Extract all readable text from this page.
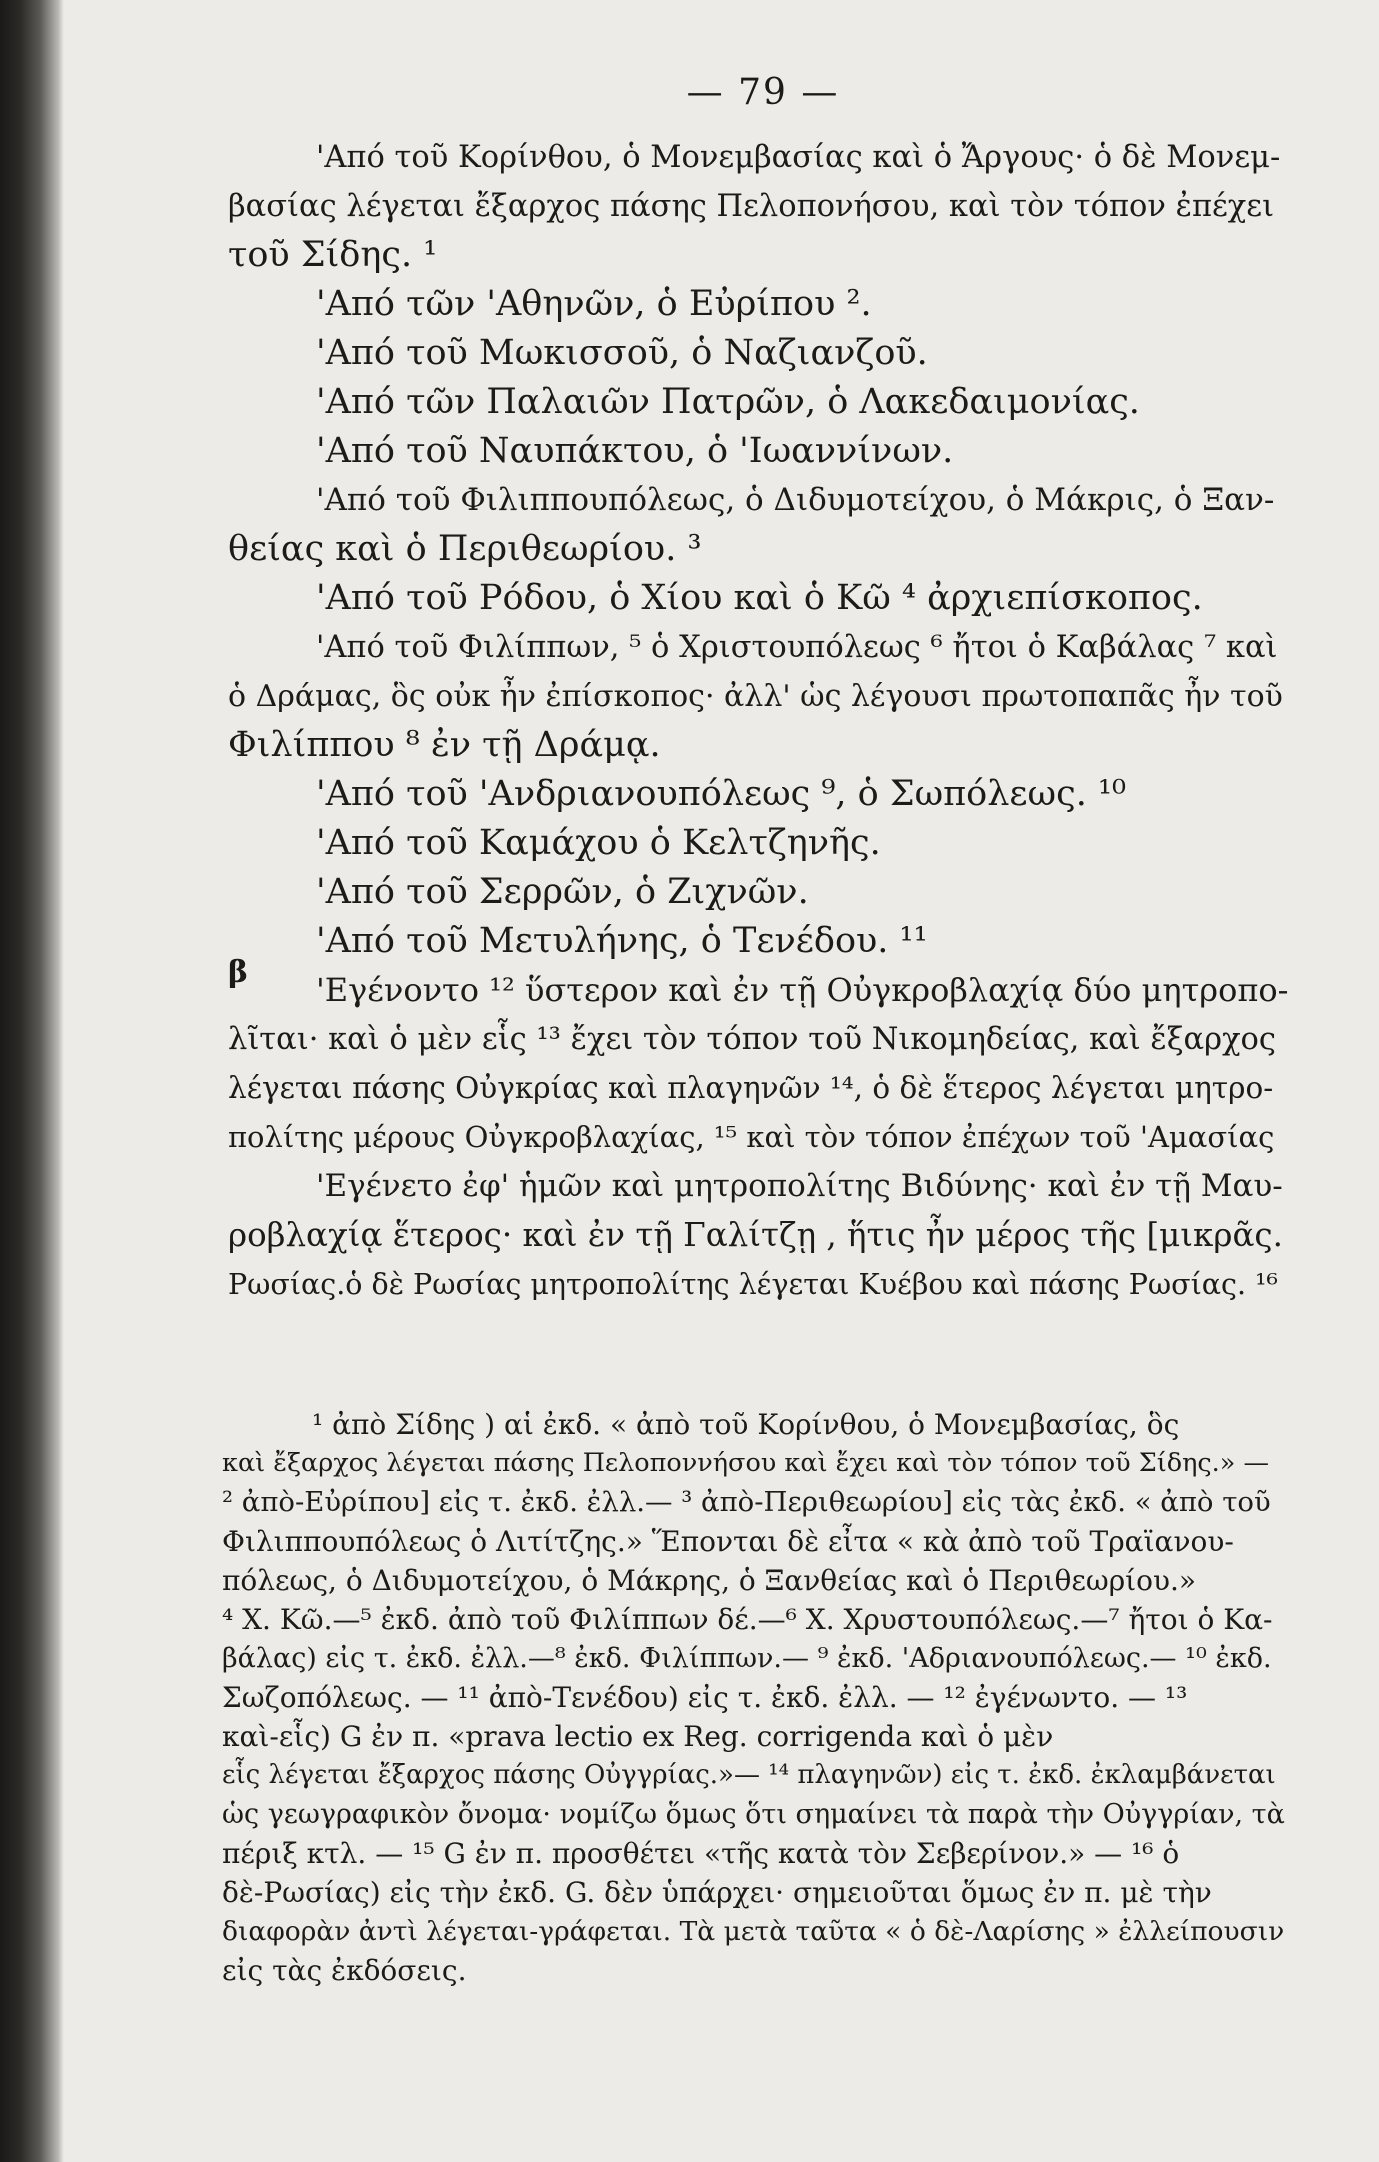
— 79 —
'Από τοῦ Κορίνθου, ὁ Μονεμβασίας καὶ ὁ Ἄργους· ὁ δὲ Μονεμ-
βασίας λέγεται ἔξαρχος πάσης Πελοπονήσου, καὶ τὸν τόπον ἐπέχει
τοῦ Σίδης. ¹
'Από τῶν 'Αθηνῶν, ὁ Εὐρίπου ².
'Από τοῦ Μωκισσοῦ, ὁ Ναζιανζοῦ.
'Από τῶν Παλαιῶν Πατρῶν, ὁ Λακεδαιμονίας.
'Από τοῦ Ναυπάκτου, ὁ 'Ιωαννίνων.
'Από τοῦ Φιλιππουπόλεως, ὁ Διδυμοτείχου, ὁ Μάκρις, ὁ Ξαν-
θείας καὶ ὁ Περιθεωρίου. ³
'Από τοῦ Ρόδου, ὁ Χίου καὶ ὁ Κῶ ⁴ ἀρχιεπίσκοπος.
'Από τοῦ Φιλίππων, ⁵ ὁ Χριστουπόλεως ⁶ ἤτοι ὁ Καβάλας ⁷ καὶ
ὁ Δράμας, ὃς οὐκ ἦν ἐπίσκοπος· ἀλλ' ὡς λέγουσι πρωτοπαπᾶς ἦν τοῦ
Φιλίππου ⁸ ἐν τῇ Δράμᾳ.
'Από τοῦ 'Ανδριανουπόλεως ⁹, ὁ Σωπόλεως. ¹⁰
'Από τοῦ Καμάχου ὁ Κελτζηνῆς.
'Από τοῦ Σερρῶν, ὁ Ζιχνῶν.
'Από τοῦ Μετυλήνης, ὁ Τενέδου. ¹¹
'Εγένοντο ¹² ὕστερον καὶ ἐν τῇ Οὐγκροβλαχίᾳ δύο μητροπο-
λῖται· καὶ ὁ μὲν εἷς ¹³ ἔχει τὸν τόπον τοῦ Νικομηδείας, καὶ ἔξαρχος
λέγεται πάσης Οὐγκρίας καὶ πλαγηνῶν ¹⁴, ὁ δὲ ἕτερος λέγεται μητρο-
πολίτης μέρους Οὐγκροβλαχίας, ¹⁵ καὶ τὸν τόπον ἐπέχων τοῦ 'Αμασίας
'Εγένετο ἐφ' ἡμῶν καὶ μητροπολίτης Βιδύνης· καὶ ἐν τῇ Μαυ-
ροβλαχίᾳ ἕτερος· καὶ ἐν τῇ Γαλίτζῃ , ἥτις ἦν μέρος τῆς [μικρᾶς.
Ρωσίας.ὁ δὲ Ρωσίας μητροπολίτης λέγεται Κυέβου καὶ πάσης Ρωσίας. ¹⁶
β
¹ ἀπὸ Σίδης ) αἱ ἐκδ. « ἀπὸ τοῦ Κορίνθου, ὁ Μονεμβασίας, ὃς
καὶ ἔξαρχος λέγεται πάσης Πελοποννήσου καὶ ἔχει καὶ τὸν τόπον τοῦ Σίδης.» —
² ἀπὸ-Εὐρίπου] εἰς τ. ἐκδ. ἐλλ.— ³ ἀπὸ-Περιθεωρίου] εἰς τὰς ἐκδ. « ἀπὸ τοῦ
Φιλιππουπόλεως ὁ Λιτίτζης.» Ἕπονται δὲ εἶτα « κὰ ἀπὸ τοῦ Τραϊανου-
πόλεως, ὁ Διδυμοτείχου, ὁ Μάκρης, ὁ Ξανθείας καὶ ὁ Περιθεωρίου.»
⁴ Χ. Κῶ.—⁵ ἐκδ. ἀπὸ τοῦ Φιλίππων δέ.—⁶ Χ. Χρυστουπόλεως.—⁷ ἤτοι ὁ Κα-
βάλας) εἰς τ. ἐκδ. ἐλλ.—⁸ ἐκδ. Φιλίππων.— ⁹ ἐκδ. 'Αδριανουπόλεως.— ¹⁰ ἐκδ.
Σωζοπόλεως. — ¹¹ ἀπὸ-Τενέδου) εἰς τ. ἐκδ. ἐλλ. — ¹² ἐγένωντο. — ¹³
καὶ-εἷς) G ἐν π. «prava lectio ex Reg. corrigenda καὶ ὁ μὲν
εἷς λέγεται ἔξαρχος πάσης Οὐγγρίας.»— ¹⁴ πλαγηνῶν) εἰς τ. ἐκδ. ἐκλαμβάνεται
ὡς γεωγραφικὸν ὄνομα· νομίζω ὅμως ὅτι σημαίνει τὰ παρὰ τὴν Οὐγγρίαν, τὰ
πέριξ κτλ. — ¹⁵ G ἐν π. προσθέτει «τῆς κατὰ τὸν Σεβερίνον.» — ¹⁶ ὁ
δὲ-Ρωσίας) εἰς τὴν ἐκδ. G. δὲν ὑπάρχει· σημειοῦται ὅμως ἐν π. μὲ τὴν
διαφορὰν ἀντὶ λέγεται-γράφεται. Τὰ μετὰ ταῦτα « ὁ δὲ-Λαρίσης » ἐλλείπουσιν
εἰς τὰς ἐκδόσεις.
